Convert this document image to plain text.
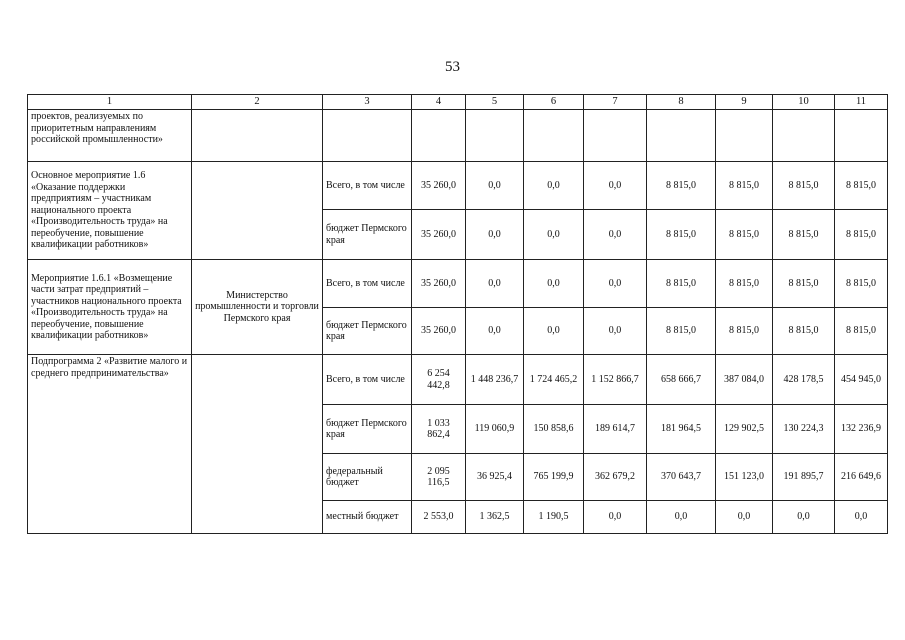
53
1	2	3	4	5	6	7	8	9	10	11
проектов, реализуемых по приоритетным направлениям российской промышленности»										
Основное мероприятие 1.6 «Оказание поддержки предприятиям – участникам национального проекта «Производительность труда» на переобучение, повышение квалификации работников»		Всего, в том числе	35 260,0	0,0	0,0	0,0	8 815,0	8 815,0	8 815,0	8 815,0
		бюджет Пермского края	35 260,0	0,0	0,0	0,0	8 815,0	8 815,0	8 815,0	8 815,0
Мероприятие 1.6.1 «Возмещение части затрат предприятий – участников национального проекта «Производительность труда» на переобучение, повышение квалификации работников»	Министерство промышленности и торговли Пермского края	Всего, в том числе	35 260,0	0,0	0,0	0,0	8 815,0	8 815,0	8 815,0	8 815,0
		бюджет Пермского края	35 260,0	0,0	0,0	0,0	8 815,0	8 815,0	8 815,0	8 815,0
Подпрограмма 2 «Развитие малого и среднего предпринимательства»		Всего, в том числе	6 254 442,8	1 448 236,7	1 724 465,2	1 152 866,7	658 666,7	387 084,0	428 178,5	454 945,0
		бюджет Пермского края	1 033 862,4	119 060,9	150 858,6	189 614,7	181 964,5	129 902,5	130 224,3	132 236,9
		федеральный бюджет	2 095 116,5	36 925,4	765 199,9	362 679,2	370 643,7	151 123,0	191 895,7	216 649,6
		местный бюджет	2 553,0	1 362,5	1 190,5	0,0	0,0	0,0	0,0	0,0
